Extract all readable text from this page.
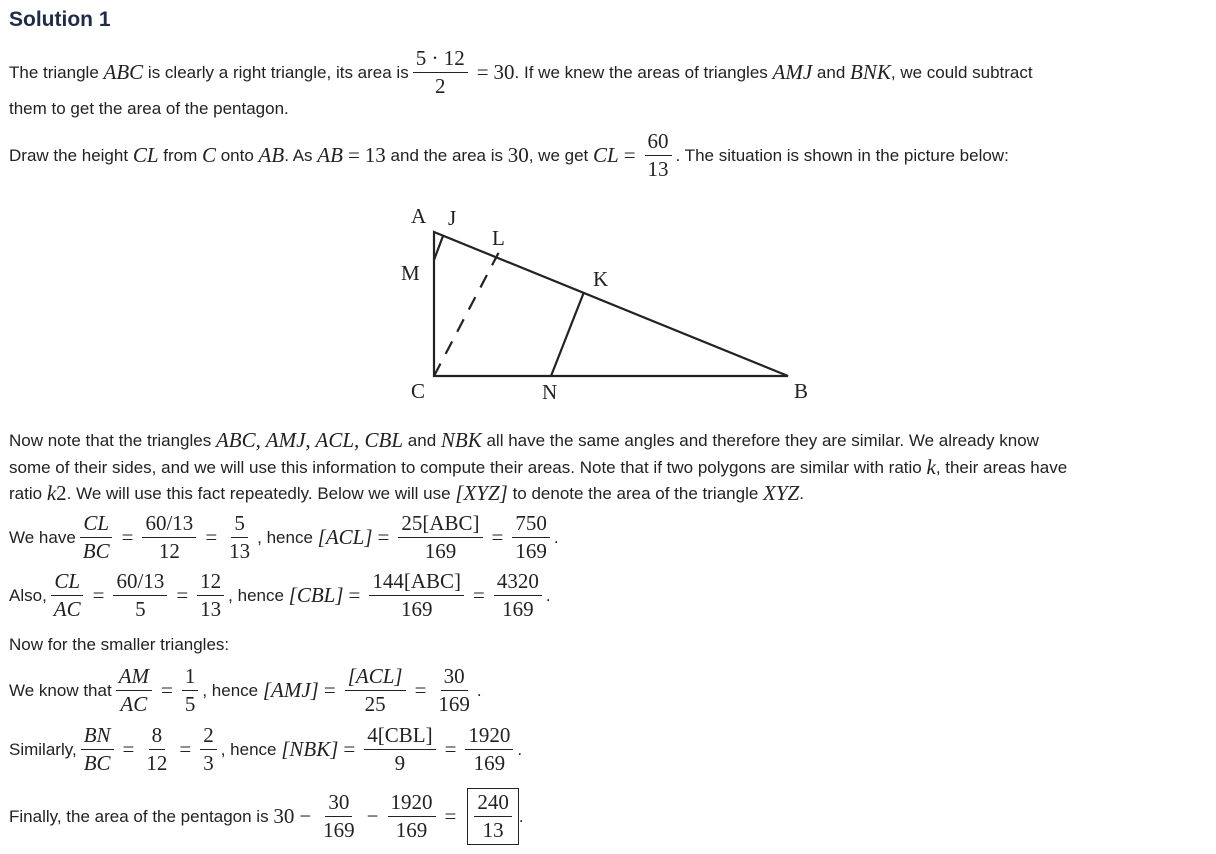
Solution 1
The triangle
ABC
is clearly a right triangle, its area is $\frac{5 \cdot 12}{2} = 30$ . If we knew the areas of triangles
AMJ
and
BNK , we could subtract
them to get the area of the pentagon.
Draw the height
CL
from
C
onto
AB . As
AB = 13
and the area is
30 , we get
CL = $\frac{60}{13}$ . The situation is shown in the picture below:
A J
L
M	K
C	N	B
Now note that the triangles
ABC, AMJ, ACL, CBL
and
NBK
all have the same angles and therefore they are similar. We already know
some of their sides, and we will use this information to compute their areas. Note that if two polygons are similar with ratio
k , their areas have
ratio
k 2 . We will use this fact repeatedly. Below we will use
[XYZ]
to denote the area of the triangle
XYZ .
We have $\frac{CL}{BC} = \frac{60/13}{12} = \frac{5}{13}$ , hence
$[ACL] = \frac{\text{25[ABC]}}{169} = \frac{750}{169}$ .
Also, $\frac{CL}{AC} = \frac{60/13}{5} = \frac{12}{13}$ , hence
$[CBL] = \frac{\text{144[ABC]}}{169} = \frac{4320}{169}$ .
Now for the smaller triangles:
We know that $\frac{AM}{AC} = \frac{1}{5}$ , hence
$[AMJ] = \frac{\text{[ACL]}}{25} = \frac{30}{169}$ .
Similarly, $\frac{BN}{BC} = \frac{8}{12} = \frac{2}{3}$ , hence
$[NBK] = \frac{\text{4[CBL]}}{9} = \frac{1920}{169}$ .
Finally, the area of the pentagon is
$30 - \frac{30}{169} - \frac{1920}{169} = \frac{240}{13}$ .
